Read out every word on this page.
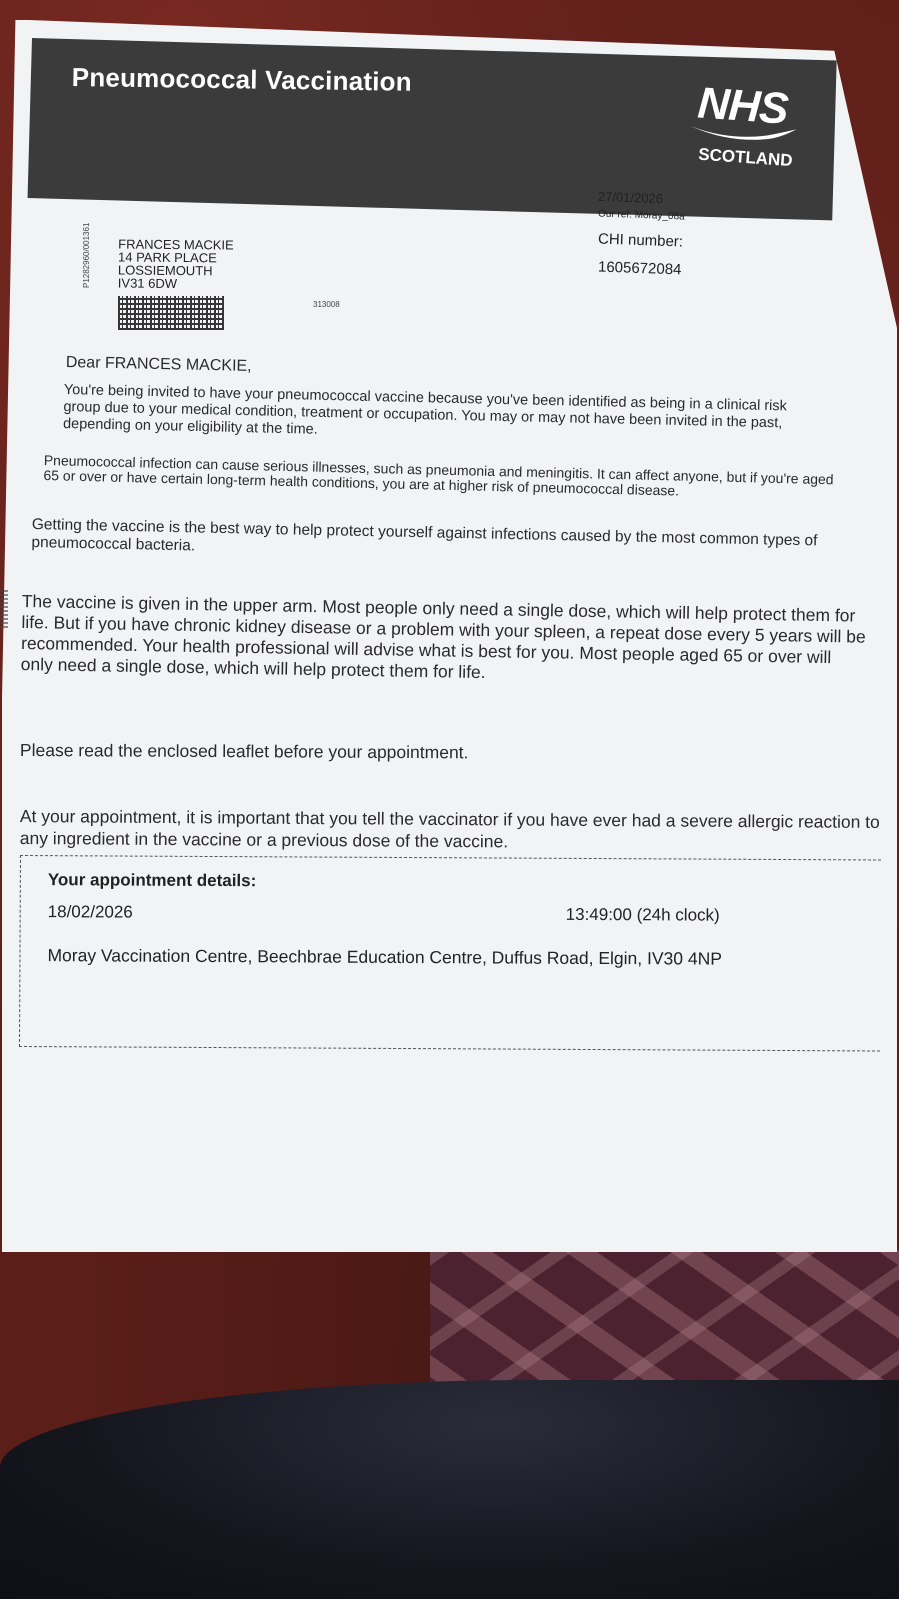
Pneumococcal Vaccination	NHS
SCOTLAND
27/01/2026
Our ref: Moray_08a
CHI number:
1605672084
P1282960/001361 FRANCES MACKIE
14 PARK PLACE
LOSSIEMOUTH
IV31 6DW
313008

Dear FRANCES MACKIE,

You're being invited to have your pneumococcal vaccine because you've been identified as being in a clinical risk group due to your medical condition, treatment or occupation. You may or may not have been invited in the past, depending on your eligibility at the time.

Pneumococcal infection can cause serious illnesses, such as pneumonia and meningitis. It can affect anyone, but if you're aged 65 or over or have certain long-term health conditions, you are at higher risk of pneumococcal disease.

Getting the vaccine is the best way to help protect yourself against infections caused by the most common types of pneumococcal bacteria.

The vaccine is given in the upper arm. Most people only need a single dose, which will help protect them for life. But if you have chronic kidney disease or a problem with your spleen, a repeat dose every 5 years will be recommended. Your health professional will advise what is best for you. Most people aged 65 or over will only need a single dose, which will help protect them for life.

Please read the enclosed leaflet before your appointment.

At your appointment, it is important that you tell the vaccinator if you have ever had a severe allergic reaction to any ingredient in the vaccine or a previous dose of the vaccine.

Your appointment details:
18/02/2026	13:49:00 (24h clock)
Moray Vaccination Centre, Beechbrae Education Centre, Duffus Road, Elgin, IV30 4NP
